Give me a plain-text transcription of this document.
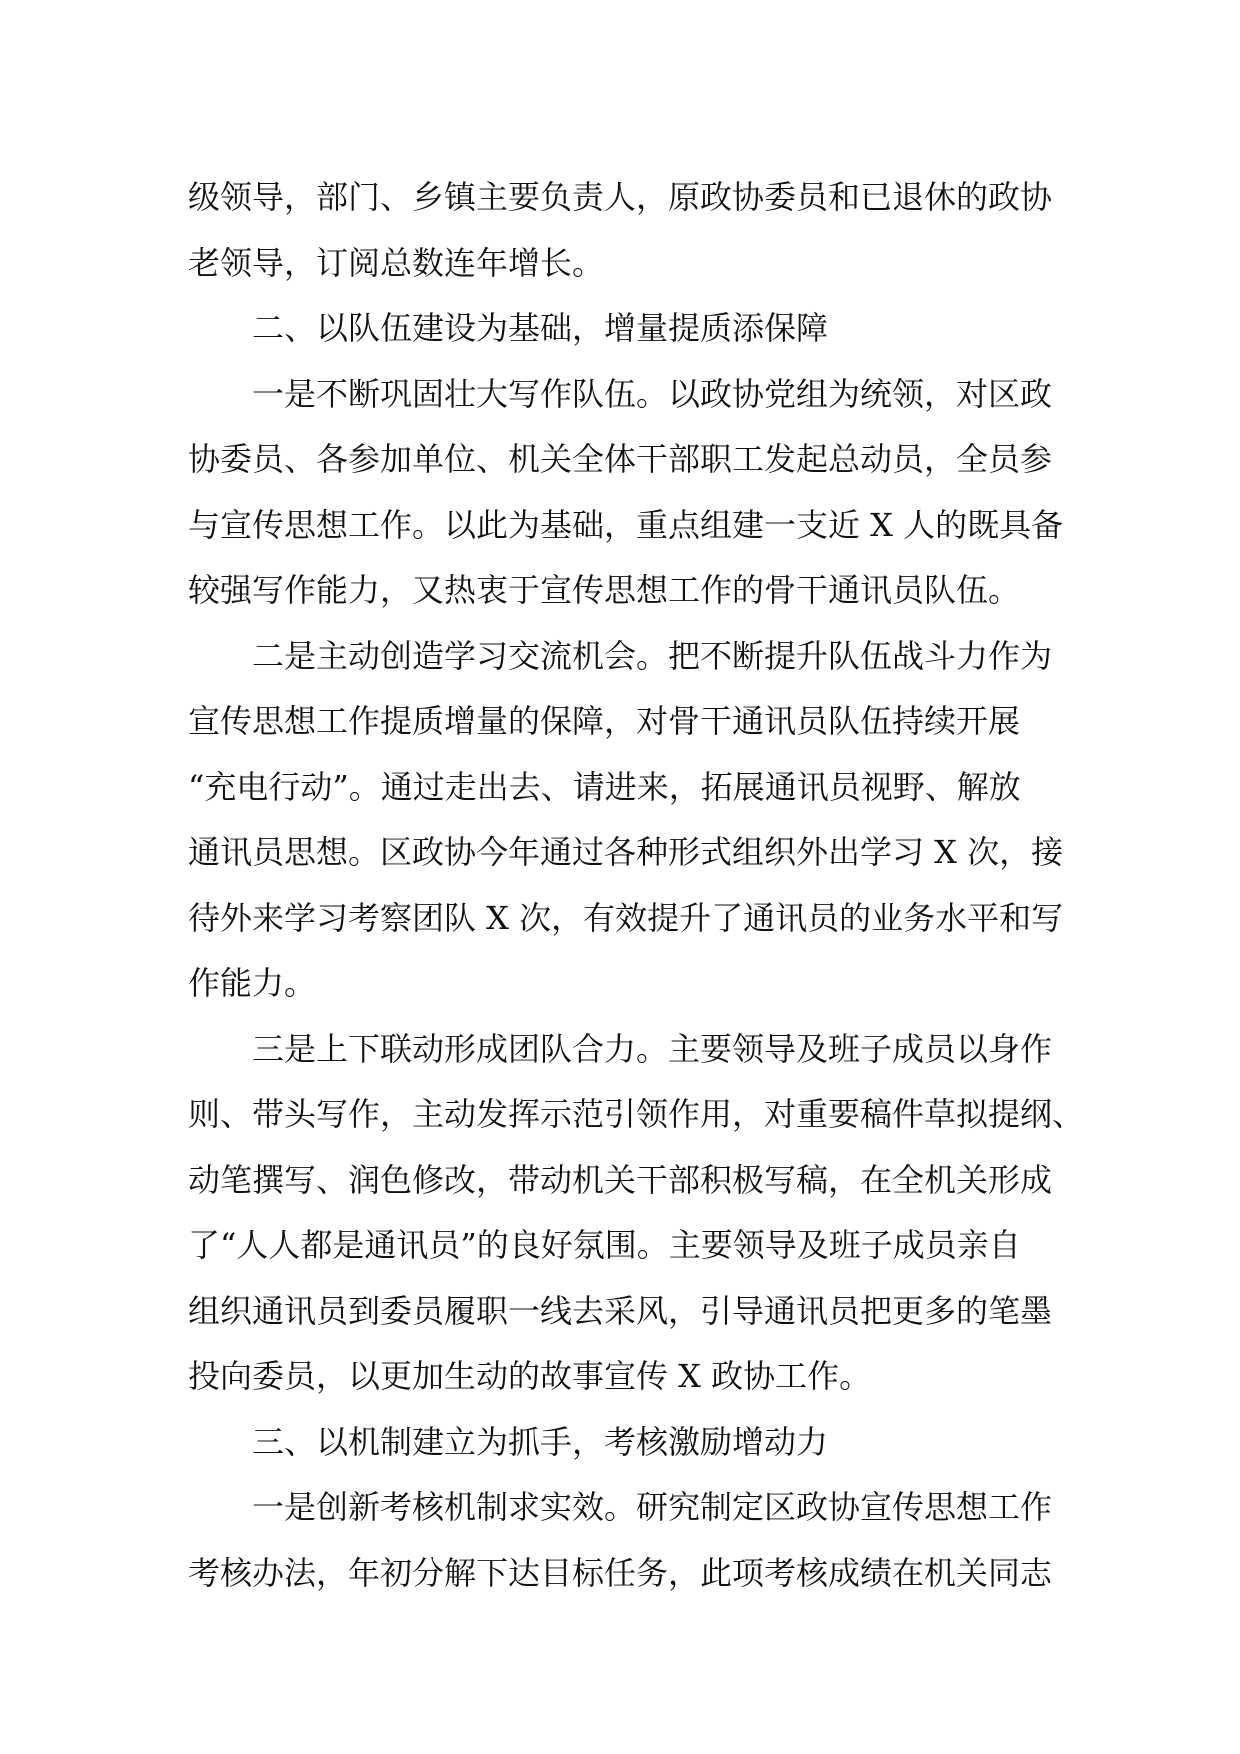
级领导，部门、乡镇主要负责人，原政协委员和已退休的政协
老领导，订阅总数连年增长。
二、以队伍建设为基础，增量提质添保障
一是不断巩固壮大写作队伍。以政协党组为统领，对区政
协委员、各参加单位、机关全体干部职工发起总动员，全员参
与宣传思想工作。以此为基础，重点组建一支近 X 人的既具备
较强写作能力，又热衷于宣传思想工作的骨干通讯员队伍。
二是主动创造学习交流机会。把不断提升队伍战斗力作为
宣传思想工作提质增量的保障，对骨干通讯员队伍持续开展
“充电行动”。通过走出去、请进来，拓展通讯员视野、解放
通讯员思想。区政协今年通过各种形式组织外出学习 X 次，接
待外来学习考察团队 X 次，有效提升了通讯员的业务水平和写
作能力。
三是上下联动形成团队合力。主要领导及班子成员以身作
则、带头写作，主动发挥示范引领作用，对重要稿件草拟提纲、
动笔撰写、润色修改，带动机关干部积极写稿，在全机关形成
了“人人都是通讯员”的良好氛围。主要领导及班子成员亲自
组织通讯员到委员履职一线去采风，引导通讯员把更多的笔墨
投向委员，以更加生动的故事宣传 X 政协工作。
三、以机制建立为抓手，考核激励增动力
一是创新考核机制求实效。研究制定区政协宣传思想工作
考核办法，年初分解下达目标任务，此项考核成绩在机关同志
